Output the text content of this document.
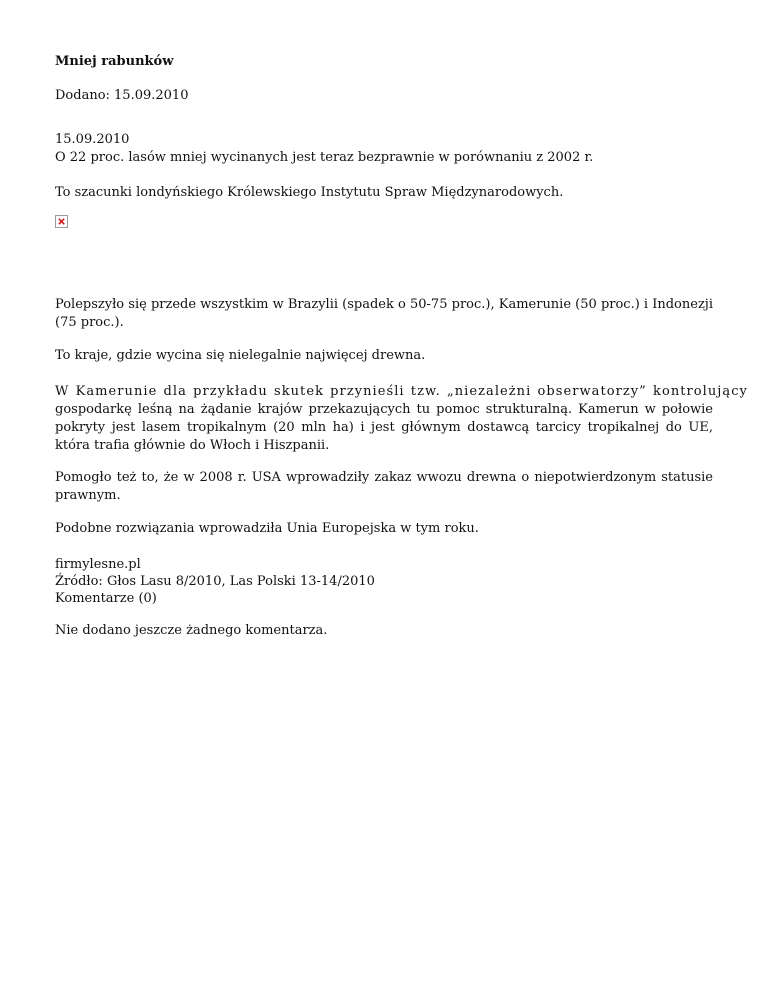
Mniej rabunków
Dodano: 15.09.2010
15.09.2010
O 22 proc. lasów mniej wycinanych jest teraz bezprawnie w porównaniu z 2002 r.
To szacunki londyńskiego Królewskiego Instytutu Spraw Międzynarodowych.
Polepszyło się przede wszystkim w Brazylii (spadek o 50-75 proc.), Kamerunie (50 proc.) i Indonezji (75 proc.).
To kraje, gdzie wycina się nielegalnie najwięcej drewna.
W Kamerunie dla przykładu skutek przynieśli tzw. „niezależni obserwatorzy” kontrolujący
gospodarkę leśną na żądanie krajów przekazujących tu pomoc strukturalną. Kamerun w połowie pokryty jest lasem tropikalnym (20 mln ha) i jest głównym dostawcą tarcicy tropikalnej do UE, która trafia głównie do Włoch i Hiszpanii.
Pomogło też to, że w 2008 r. USA wprowadziły zakaz wwozu drewna o niepotwierdzonym statusie prawnym.
Podobne rozwiązania wprowadziła Unia Europejska w tym roku.
firmylesne.pl
Źródło: Głos Lasu 8/2010, Las Polski 13-14/2010
Komentarze (0)
Nie dodano jeszcze żadnego komentarza.
